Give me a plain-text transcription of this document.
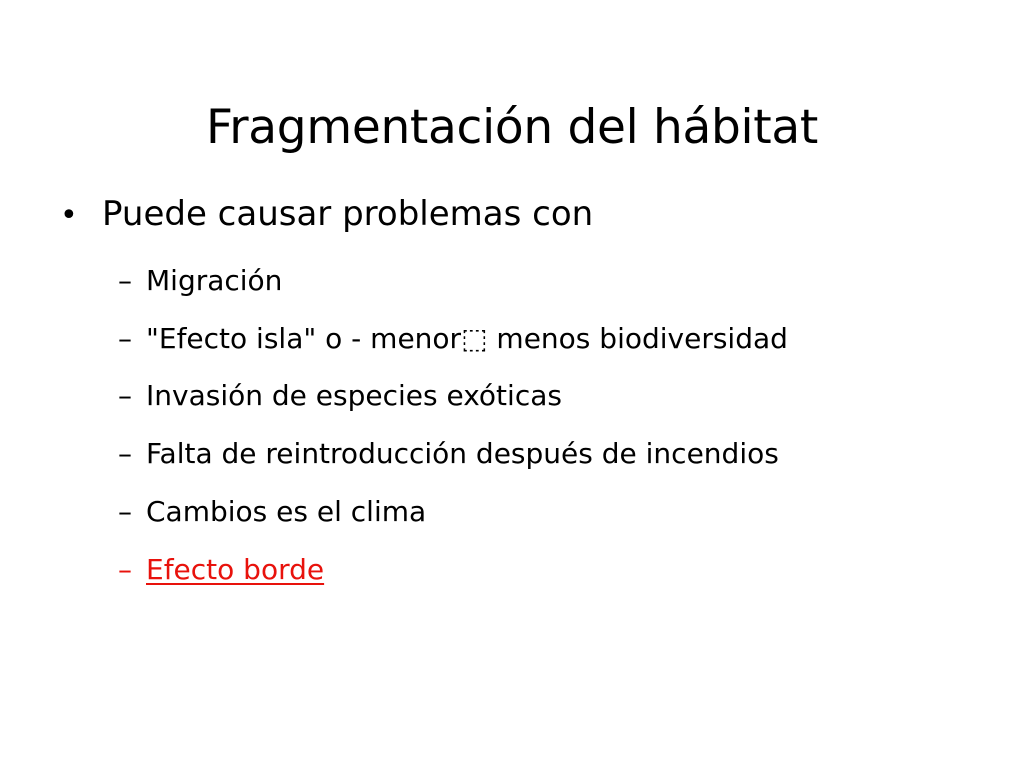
Fragmentación del hábitat
• Puede causar problemas con
– Migración
– "Efecto isla" o - menor⬚ menos biodiversidad
– Invasión de especies exóticas
– Falta de reintroducción después de incendios
– Cambios es el clima
– Efecto borde
